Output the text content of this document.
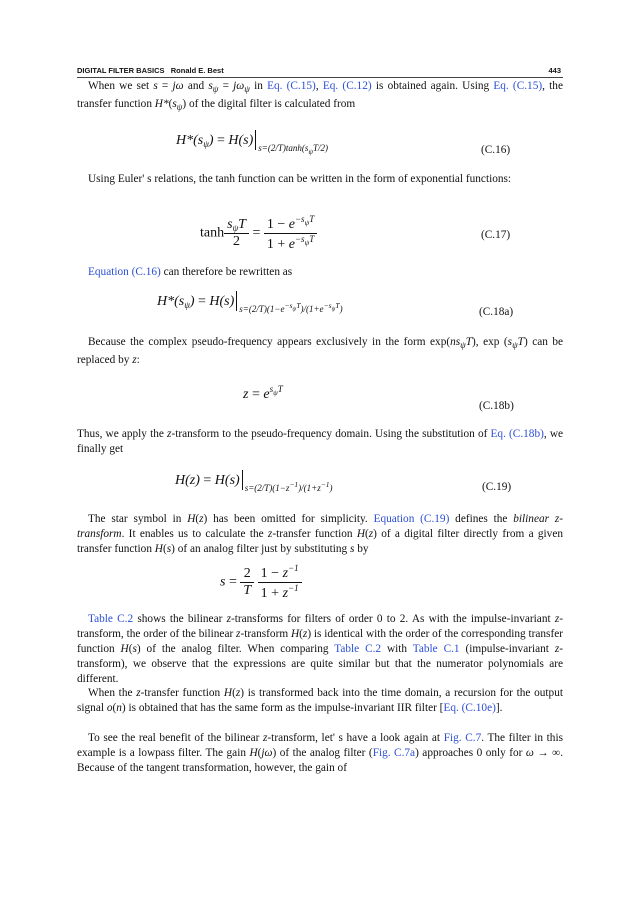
DIGITAL FILTER BASICS Ronald E. Best	443
When we set s = jω and $s_\psi = j\omega_\psi$ in Eq. (C.15), Eq. (C.12) is obtained again. Using Eq. (C.15), the transfer function $H*(s_\psi)$ of the digital filter is calculated from
$H*(s_\psi) = H(s)$ $_{s=(2/T)tanh(s_\psi T/2)}$	(C.16)
Using Euler' s relations, the tanh function can be written in the form of exponential functions:
$\tanh \frac{s_\psi T}{2} = \frac{1 - e^{-s_\psi T}}{1 + e^{-s_\psi T}}$	(C.17)
Equation (C.16) can therefore be rewritten as
$H*(s_\psi) = H(s)$ $_{s=(2/T)(1-e^{-s_\psi T})/(1+e^{-s_\psi T})}$	(C.18a)
Because the complex pseudo-frequency appears exclusively in the form $\exp(ns_\psi T)$, $\exp (s_\psi T)$ can be replaced by z:
$z = e^{s_\psi T}$
(C.18b)
Thus, we apply the z-transform to the pseudo-frequency domain. Using the substitution of Eq. (C.18b), we finally get
H(z) = H(s) $_{s=(2/T)(1-z^{-1})/(1+z^{-1})}$	(C.19)
The star symbol in H(z) has been omitted for simplicity. Equation (C.19) defines the bilinear z-transform. It enables us to calculate the z-transfer function H(z) of a digital filter directly from a given transfer function H(s) of an analog filter just by substituting s by
$s = \frac{2}{T}$
$\frac{1 - z^{-1}}{1 + z^{-1}}$
Table C.2 shows the bilinear z-transforms for filters of order 0 to 2. As with the impulse-invariant z-transform, the order of the bilinear z-transform H(z) is identical with the order of the corresponding transfer function H(s) of the analog filter. When comparing Table C.2 with Table C.1 (impulse-invariant z-transform), we observe that the expressions are quite similar but that the numerator polynomials are different.
When the z-transfer function H(z) is transformed back into the time domain, a recursion for the output signal o(n) is obtained that has the same form as the impulse-invariant IIR filter [Eq. (C.10e)].
To see the real benefit of the bilinear z-transform, let' s have a look again at Fig. C.7. The filter in this example is a lowpass filter. The gain H(jω) of the analog filter (Fig. C.7a) approaches 0 only for ω → ∞. Because of the tangent transformation, however, the gain of
